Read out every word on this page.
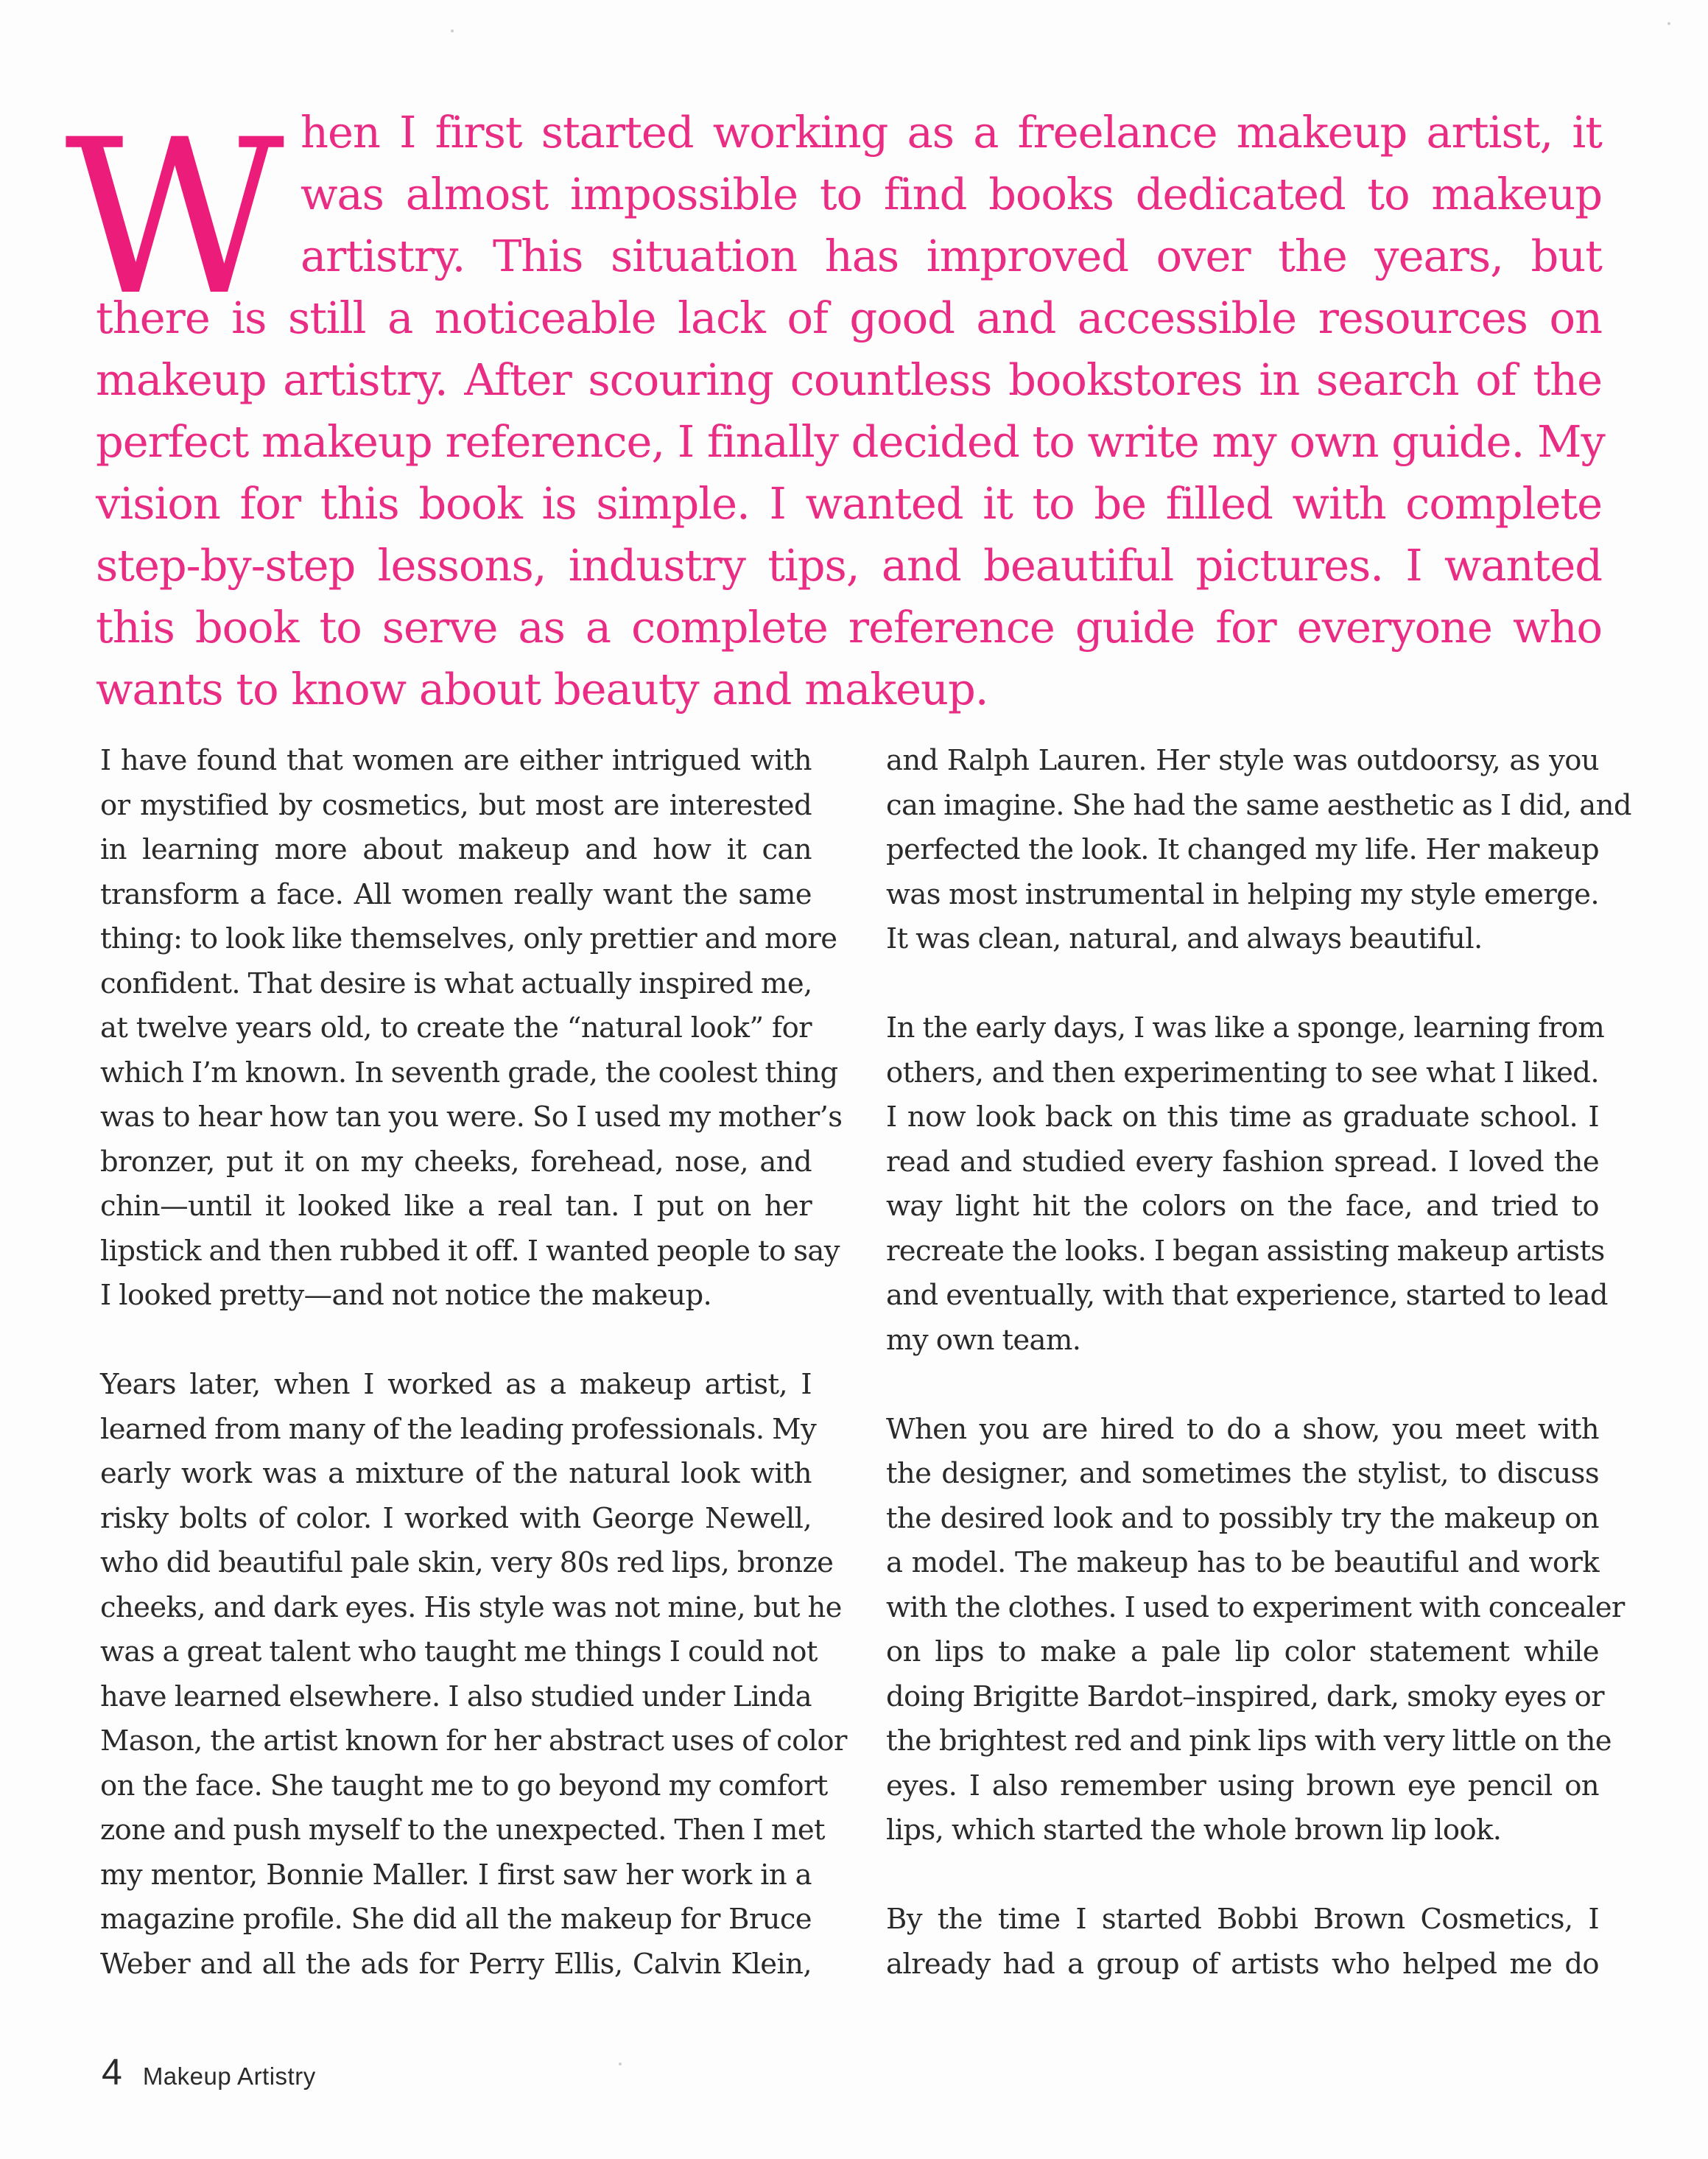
W hen I first started working as a freelance makeup artist, it
was almost impossible to find books dedicated to makeup
artistry. This situation has improved over the years, but
there is still a noticeable lack of good and accessible resources on
makeup artistry. After scouring countless bookstores in search of the
perfect makeup reference, I finally decided to write my own guide. My
vision for this book is simple. I wanted it to be filled with complete
step-by-step lessons, industry tips, and beautiful pictures. I wanted
this book to serve as a complete reference guide for everyone who
wants to know about beauty and makeup.
I have found that women are either intrigued with
or mystified by cosmetics, but most are interested
in learning more about makeup and how it can
transform a face. All women really want the same
thing: to look like themselves, only prettier and more
confident. That desire is what actually inspired me,
at twelve years old, to create the “natural look” for
which I’m known. In seventh grade, the coolest thing
was to hear how tan you were. So I used my mother’s
bronzer, put it on my cheeks, forehead, nose, and
chin—until it looked like a real tan. I put on her
lipstick and then rubbed it off. I wanted people to say
I looked pretty—and not notice the makeup.
Years later, when I worked as a makeup artist, I
learned from many of the leading professionals. My
early work was a mixture of the natural look with
risky bolts of color. I worked with George Newell,
who did beautiful pale skin, very 80s red lips, bronze
cheeks, and dark eyes. His style was not mine, but he
was a great talent who taught me things I could not
have learned elsewhere. I also studied under Linda
Mason, the artist known for her abstract uses of color
on the face. She taught me to go beyond my comfort
zone and push myself to the unexpected. Then I met
my mentor, Bonnie Maller. I first saw her work in a
magazine profile. She did all the makeup for Bruce
Weber and all the ads for Perry Ellis, Calvin Klein,
and Ralph Lauren. Her style was outdoorsy, as you
can imagine. She had the same aesthetic as I did, and
perfected the look. It changed my life. Her makeup
was most instrumental in helping my style emerge.
It was clean, natural, and always beautiful.
In the early days, I was like a sponge, learning from
others, and then experimenting to see what I liked.
I now look back on this time as graduate school. I
read and studied every fashion spread. I loved the
way light hit the colors on the face, and tried to
recreate the looks. I began assisting makeup artists
and eventually, with that experience, started to lead
my own team.
When you are hired to do a show, you meet with
the designer, and sometimes the stylist, to discuss
the desired look and to possibly try the makeup on
a model. The makeup has to be beautiful and work
with the clothes. I used to experiment with concealer
on lips to make a pale lip color statement while
doing Brigitte Bardot–inspired, dark, smoky eyes or
the brightest red and pink lips with very little on the
eyes. I also remember using brown eye pencil on
lips, which started the whole brown lip look.
By the time I started Bobbi Brown Cosmetics, I
already had a group of artists who helped me do
4 Makeup Artistry
